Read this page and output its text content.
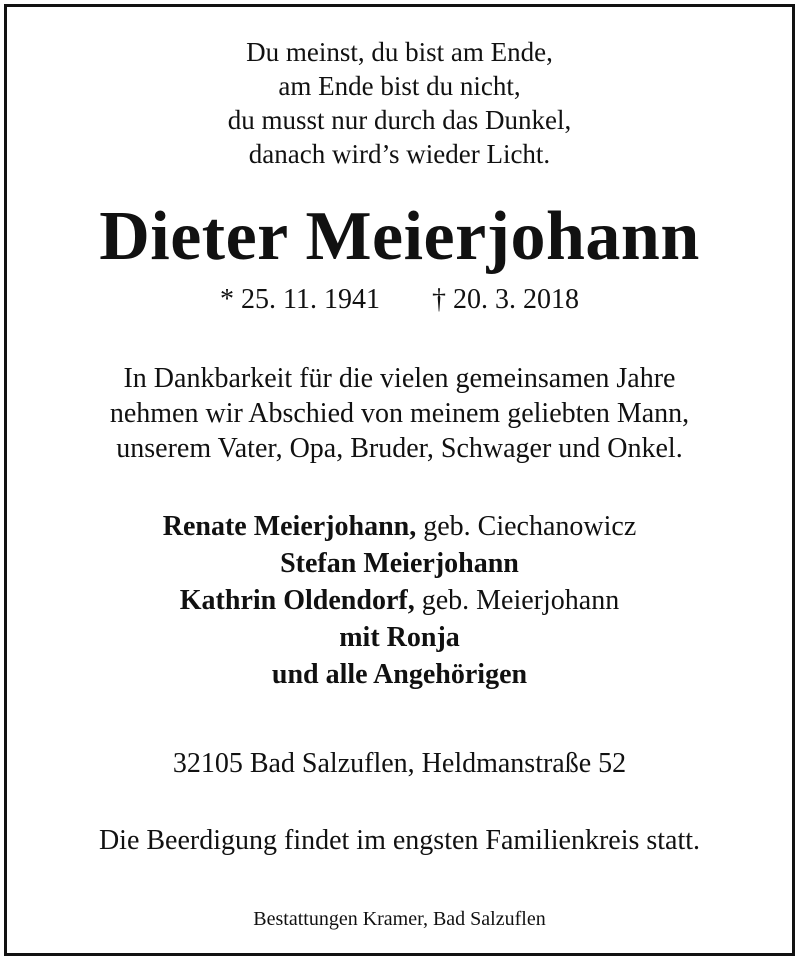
Du meinst, du bist am Ende,
am Ende bist du nicht,
du musst nur durch das Dunkel,
danach wird’s wieder Licht.
Dieter Meierjohann
* 25. 11. 1941 † 20. 3. 2018
In Dankbarkeit für die vielen gemeinsamen Jahre
nehmen wir Abschied von meinem geliebten Mann,
unserem Vater, Opa, Bruder, Schwager und Onkel.
Renate Meierjohann, geb. Ciechanowicz
Stefan Meierjohann
Kathrin Oldendorf, geb. Meierjohann
mit Ronja
und alle Angehörigen
32105 Bad Salzuflen, Heldmanstraße 52
Die Beerdigung findet im engsten Familienkreis statt.
Bestattungen Kramer, Bad Salzuflen
